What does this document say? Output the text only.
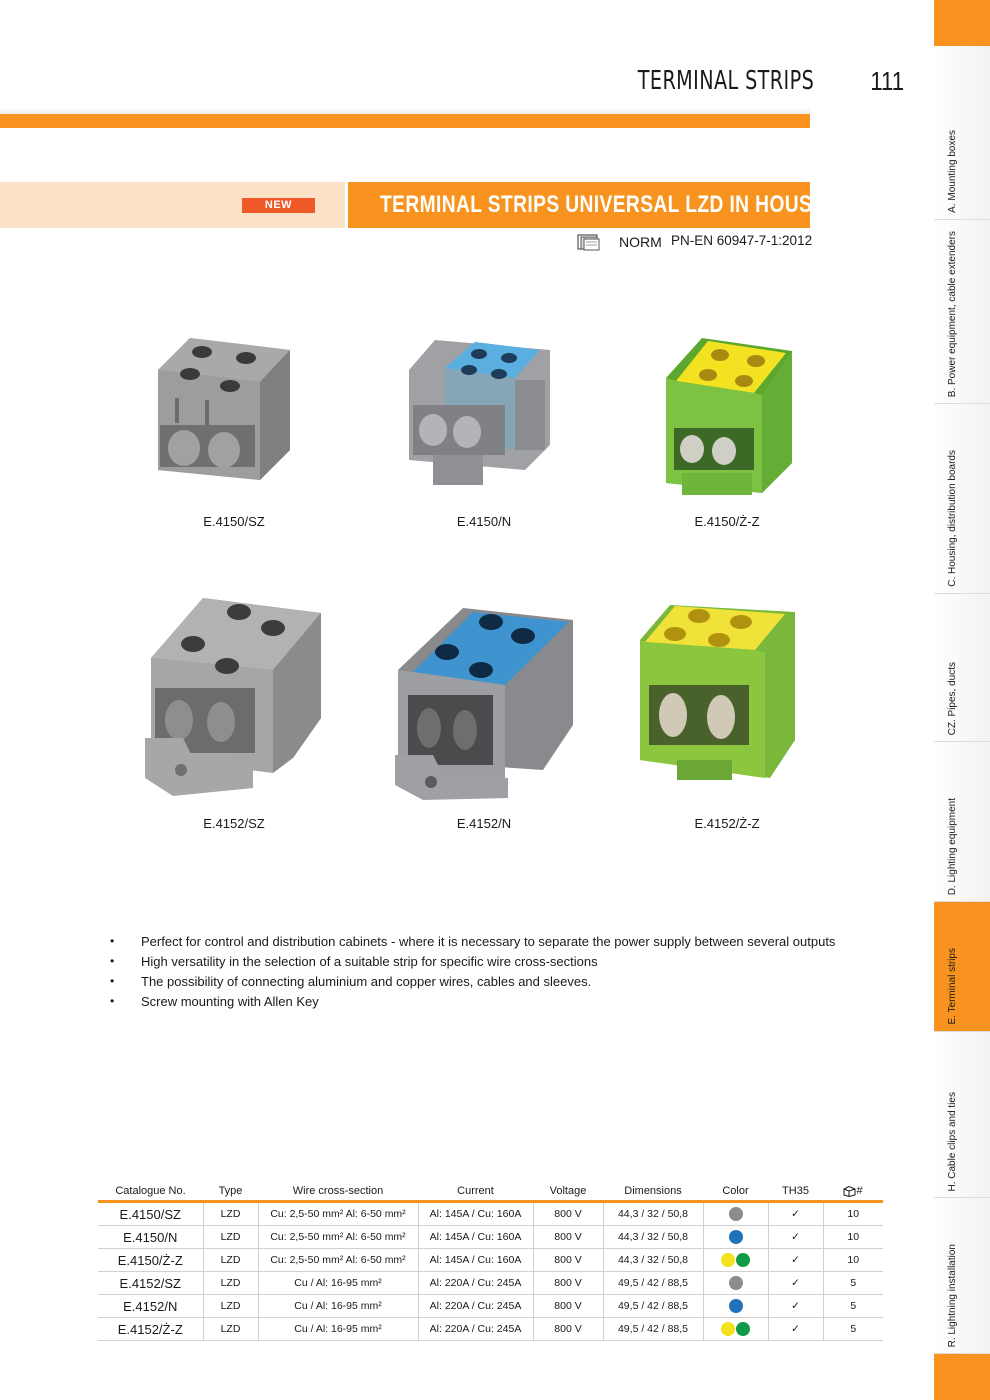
TERMINAL STRIPS 111
NEW	TERMINAL STRIPS UNIVERSAL LZD IN HOUSING
NORM PN-EN 60947-7-1:2012
E.4150/SZ	E.4150/N	E.4150/Ż-Z
E.4152/SZ	E.4152/N	E.4152/Ż-Z
• Perfect for control and distribution cabinets - where it is necessary to separate the power supply between several outputs
• High versatility in the selection of a suitable strip for specific wire cross-sections
• The possibility of connecting aluminium and copper wires, cables and sleeves.
• Screw mounting with Allen Key
Catalogue No.	Type	Wire cross-section	Current	Voltage	Dimensions	Color	TH35	#
E.4150/SZ	LZD	Cu: 2,5-50 mm² Al: 6-50 mm²	Al: 145A / Cu: 160A	800 V	44,3 / 32 / 50,8		✓	10
E.4150/N	LZD	Cu: 2,5-50 mm² Al: 6-50 mm²	Al: 145A / Cu: 160A	800 V	44,3 / 32 / 50,8		✓	10
E.4150/Ż-Z	LZD	Cu: 2,5-50 mm² Al: 6-50 mm²	Al: 145A / Cu: 160A	800 V	44,3 / 32 / 50,8		✓	10
E.4152/SZ	LZD	Cu / Al: 16-95 mm²	Al: 220A / Cu: 245A	800 V	49,5 / 42 / 88,5		✓	5
E.4152/N	LZD	Cu / Al: 16-95 mm²	Al: 220A / Cu: 245A	800 V	49,5 / 42 / 88,5		✓	5
E.4152/Ż-Z	LZD	Cu / Al: 16-95 mm²	Al: 220A / Cu: 245A	800 V	49,5 / 42 / 88,5		✓	5
A. Mounting boxes
B. Power equipment, cable extenders
C. Housing, distribution boards
CZ. Pipes, ducts
D. Lighting equipment
E. Terminal strips
H. Cable clips and ties
R. Lightning installation
